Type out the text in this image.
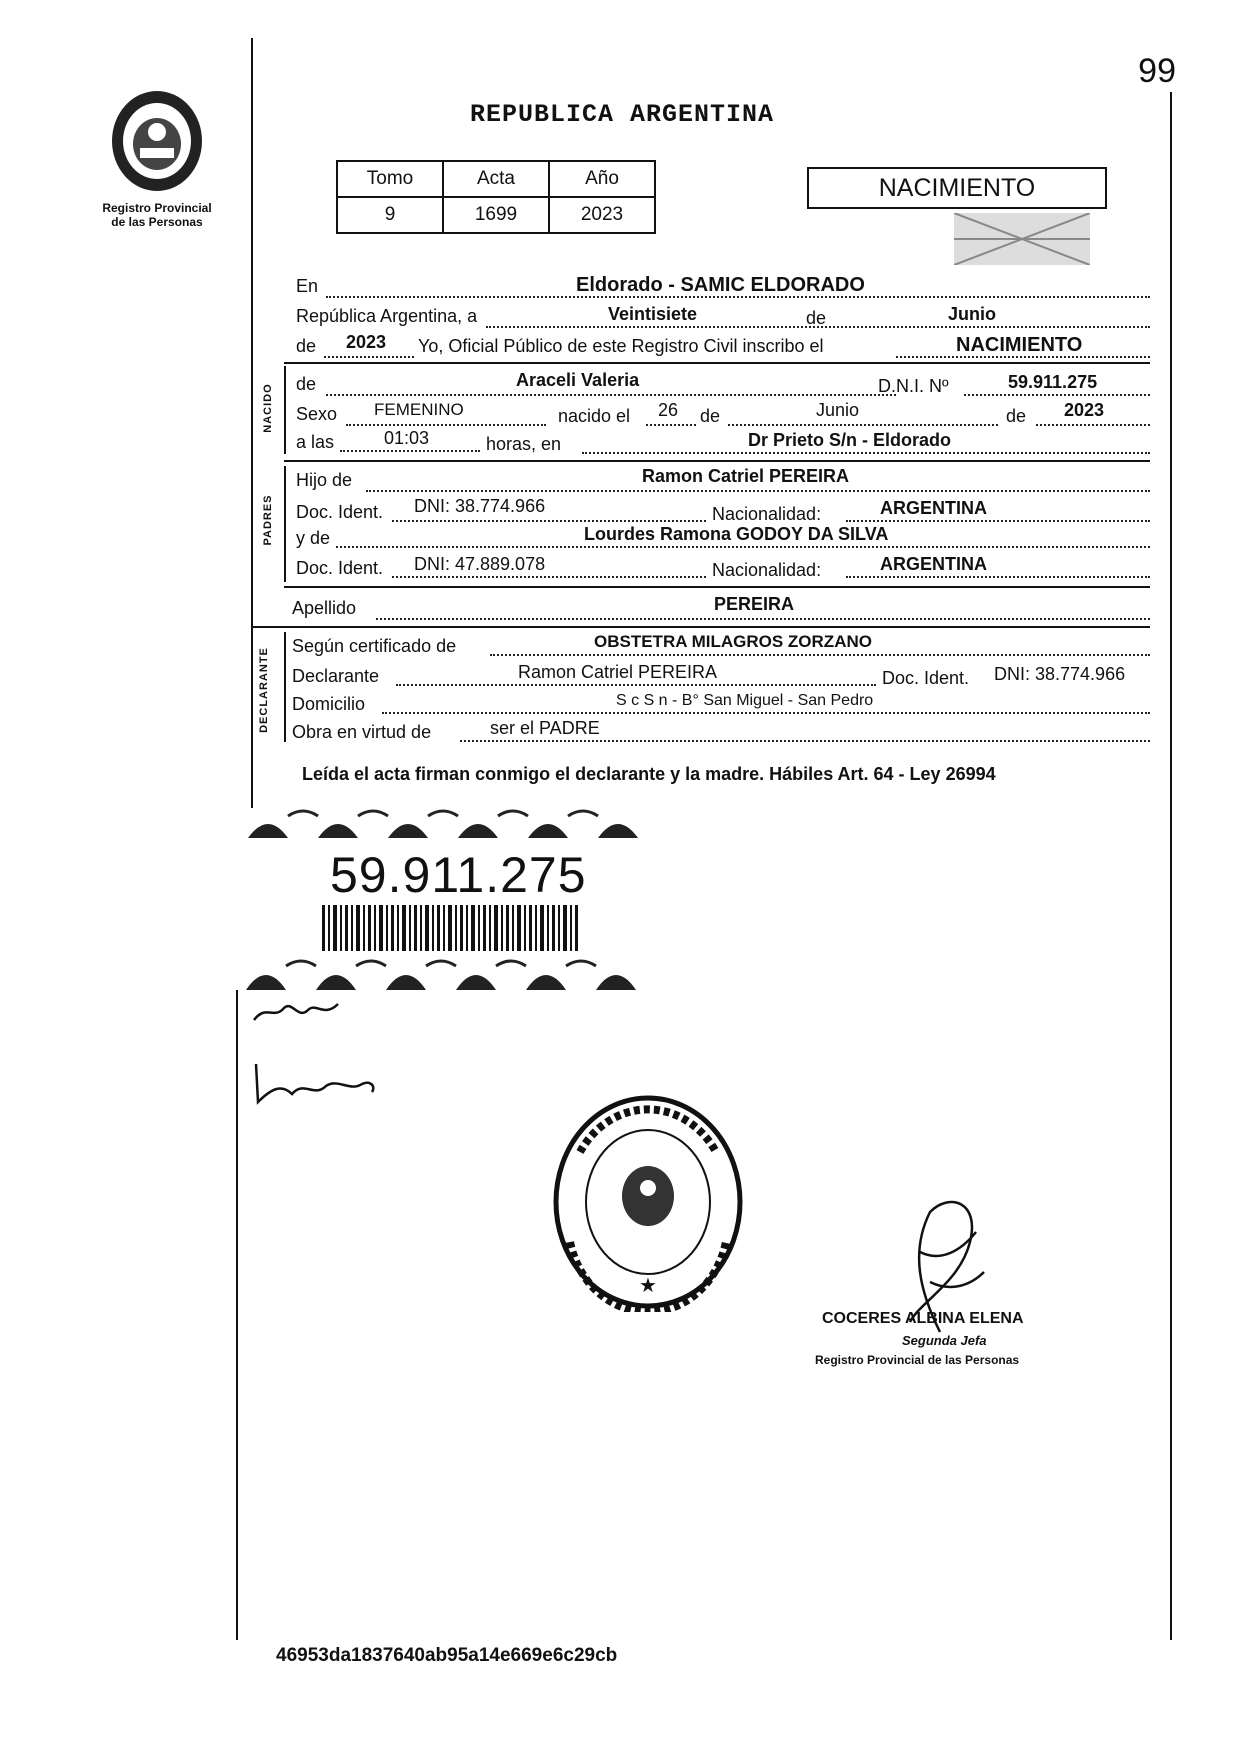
99
REPUBLICA ARGENTINA
Registro Provincial
de las Personas
Tomo	Acta	Año
9	1699	2023
NACIMIENTO
En	Eldorado - SAMIC ELDORADO
República Argentina, a	Veintisiete	de	Junio
de 2023 Yo, Oficial Público de este Registro Civil inscribo el	NACIMIENTO
NACIDO de	Araceli Valeria	D.N.I. Nº	59.911.275
Sexo FEMENINO	nacido el 26 de	Junio	de 2023
a las	01:03	horas, en	Dr Prieto S/n - Eldorado
PADRES
Hijo de	Ramon Catriel PEREIRA
Doc. Ident. DNI: 38.774.966	Nacionalidad:	ARGENTINA
y de	Lourdes Ramona GODOY DA SILVA
Doc. Ident. DNI: 47.889.078	Nacionalidad:	ARGENTINA
Apellido	PEREIRA
DECLARANTE
Según certificado de	OBSTETRA MILAGROS ZORZANO
Declarante	Ramon Catriel PEREIRA	Doc. Ident. DNI: 38.774.966
Domicilio	S c S n - B° San Miguel - San Pedro
Obra en virtud de	ser el PADRE
Leída el acta firman conmigo el declarante y la madre. Hábiles Art. 64 - Ley 26994
59.911.275
★
COCERES ALBINA ELENA
Segunda Jefa
Registro Provincial de las Personas
46953da1837640ab95a14e669e6c29cb
